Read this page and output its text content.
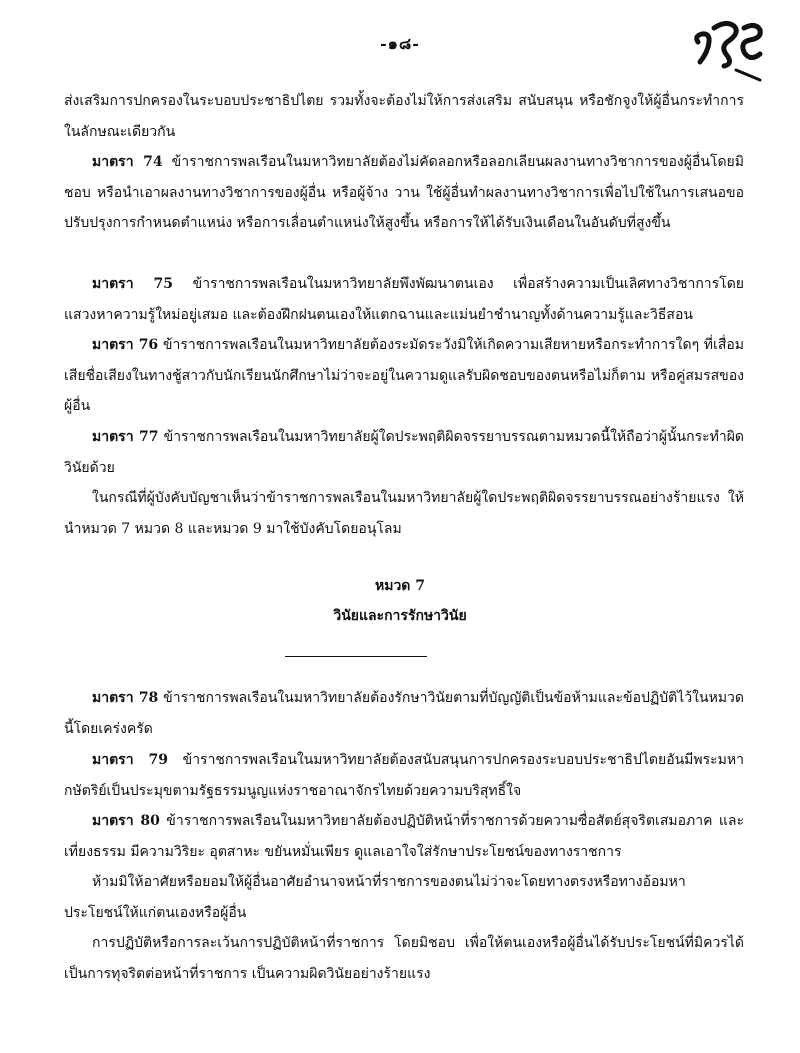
-๑๘-

ส่งเสริมการปกครองในระบอบประชาธิปไตย รวมทั้งจะต้องไม่ให้การส่งเสริม สนับสนุน หรือชักจูงให้ผู้อื่นกระทำการในลักษณะเดียวกัน

มาตรา 74 ข้าราชการพลเรือนในมหาวิทยาลัยต้องไม่คัดลอกหรือลอกเลียนผลงานทางวิชาการของผู้อื่นโดยมิชอบ หรือนำเอาผลงานทางวิชาการของผู้อื่น หรือผู้จ้าง วาน ใช้ผู้อื่นทำผลงานทางวิชาการเพื่อไปใช้ในการเสนอขอปรับปรุงการกำหนดตำแหน่ง หรือการเลื่อนตำแหน่งให้สูงขึ้น หรือการให้ได้รับเงินเดือนในอันดับที่สูงขึ้น

มาตรา 75 ข้าราชการพลเรือนในมหาวิทยาลัยพึงพัฒนาตนเอง เพื่อสร้างความเป็นเลิศทางวิชาการโดยแสวงหาความรู้ใหม่อยู่เสมอ และต้องฝึกฝนตนเองให้แตกฉานและแม่นยำชำนาญทั้งด้านความรู้และวิธีสอน

มาตรา 76 ข้าราชการพลเรือนในมหาวิทยาลัยต้องระมัดระวังมิให้เกิดความเสียหายหรือกระทำการใดๆ ที่เสื่อมเสียชื่อเสียงในทางชู้สาวกับนักเรียนนักศึกษาไม่ว่าจะอยู่ในความดูแลรับผิดชอบของตนหรือไม่ก็ตาม หรือคู่สมรสของผู้อื่น

มาตรา 77 ข้าราชการพลเรือนในมหาวิทยาลัยผู้ใดประพฤติผิดจรรยาบรรณตามหมวดนี้ให้ถือว่าผู้นั้นกระทำผิดวินัยด้วย

ในกรณีที่ผู้บังคับบัญชาเห็นว่าข้าราชการพลเรือนในมหาวิทยาลัยผู้ใดประพฤติผิดจรรยาบรรณอย่างร้ายแรง ให้นำหมวด 7 หมวด 8 และหมวด 9 มาใช้บังคับโดยอนุโลม

หมวด 7
วินัยและการรักษาวินัย

มาตรา 78 ข้าราชการพลเรือนในมหาวิทยาลัยต้องรักษาวินัยตามที่บัญญัติเป็นข้อห้ามและข้อปฏิบัติไว้ในหมวดนี้โดยเคร่งครัด

มาตรา 79 ข้าราชการพลเรือนในมหาวิทยาลัยต้องสนับสนุนการปกครองระบอบประชาธิปไตยอันมีพระมหากษัตริย์เป็นประมุขตามรัฐธรรมนูญแห่งราชอาณาจักรไทยด้วยความบริสุทธิ์ใจ

มาตรา 80 ข้าราชการพลเรือนในมหาวิทยาลัยต้องปฏิบัติหน้าที่ราชการด้วยความซื่อสัตย์สุจริตเสมอภาค และเที่ยงธรรม มีความวิริยะ อุตสาหะ ขยันหมั่นเพียร ดูแลเอาใจใส่รักษาประโยชน์ของทางราชการ

ห้ามมิให้อาศัยหรือยอมให้ผู้อื่นอาศัยอำนาจหน้าที่ราชการของตนไม่ว่าจะโดยทางตรงหรือทางอ้อมหาประโยชน์ให้แก่ตนเองหรือผู้อื่น

การปฏิบัติหรือการละเว้นการปฏิบัติหน้าที่ราชการ โดยมิชอบ เพื่อให้ตนเองหรือผู้อื่นได้รับประโยชน์ที่มิควรได้ เป็นการทุจริตต่อหน้าที่ราชการ เป็นความผิดวินัยอย่างร้ายแรง
